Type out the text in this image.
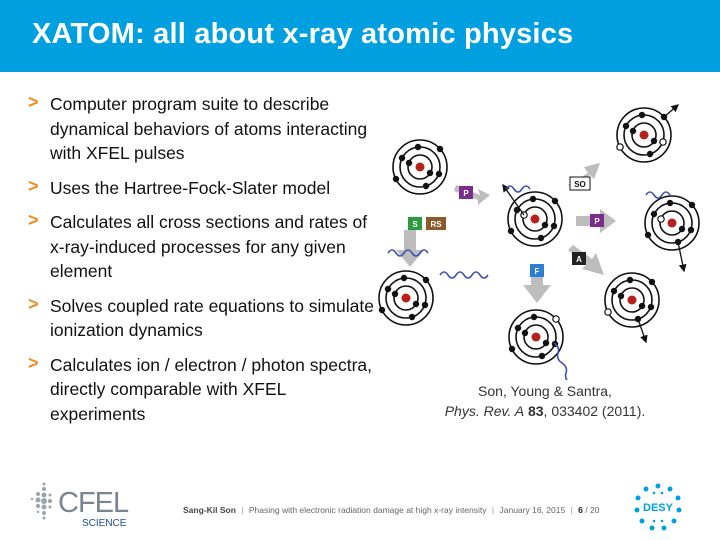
XATOM: all about x-ray atomic physics
> Computer program suite to describe dynamical behaviors of atoms interacting with XFEL pulses
> Uses the Hartree-Fock-Slater model
> Calculates all cross sections and rates of x-ray-induced processes for any given element
> Solves coupled rate equations to simulate ionization dynamics
> Calculates ion / electron / photon spectra, directly comparable with XFEL experiments
P
S RS	P
SO
A
F
Son, Young & Santra,
Phys. Rev. A 83, 033402 (2011).
CFEL
SCIENCE
Sang-Kil Son | Phasing with electronic radiation damage at high x-ray intensity | January 16, 2015 | 6 / 20	DESY
